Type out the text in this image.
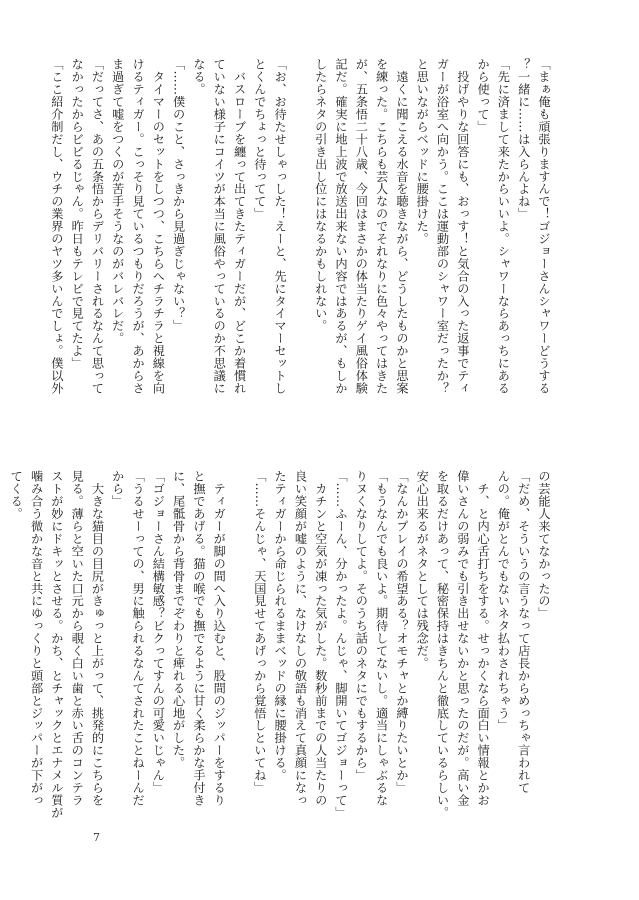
「まぁ俺も頑張りますんで！ゴジョーさんシャワーどうする
？一緒に……は入らんよね」
「先に済まして来たからいいよ。シャワーならあっちにある
から使って」
　投げやりな回答にも、おっす！と気合の入った返事でティ
ガーが浴室へ向かう。ここは運動部のシャワー室だったか？
と思いながらベッドに腰掛けた。
　遠くに聞こえる水音を聴きながら、どうしたものかと思案
を練った。こちらも芸人なのでそれなりに色々やってはきた
が、五条悟二十八歳、今回はまさかの体当たりゲイ風俗体験
記だ。確実に地上波で放送出来ない内容ではあるが、もしか
したらネタの引き出し位にはなるかもしれない。

「お、お待たせしゃっした！えーと、先にタイマーセットし
とくんでちょっと待ってて」
　バスローブを纏って出てきたティガーだが、どこか着慣れ
ていない様子にコイツが本当に風俗やっているのか不思議に
なる。
「……僕のこと、さっきから見過ぎじゃない？」
　タイマーのセットをしつつ、こちらへチラチラと視線を向
けるティガー。こっそり見ているつもりだろうが、あからさ
ま過ぎて嘘をつくのが苦手そうなのがバレバレだ。
「だってさ、あの五条悟からデリバリーされるなんて思って
なかったからビビるじゃん。昨日もテレビで見てたよ」
「ここ紹介制だし、ウチの業界のヤツ多いんでしょ。僕以外
の芸能人来てなかったの」
「だめ、そういうの言うなって店長からめっちゃ言われて
んの。俺がとんでもないネタ払わされちゃう」
　チ、と内心舌打ちをする。せっかくなら面白い情報とかお
偉いさんの弱みでも引き出せないかと思ったのだが。高い金
を取るだけあって、秘密保持はきちんと徹底しているらしい。
安心出来るがネタとしては残念だ。
「なんかプレイの希望ある？オモチャとか縛りたいとか」
「もうなんでも良いよ。期待してないし。適当にしゃぶるな
りヌくなりしてよ。そのうち話のネタにでもするから」
「……ふーん、分かったよ。んじゃ、脚開いてゴジョーって」
　カチンと空気が凍った気がした。数秒前までの人当たりの
良い笑顔が嘘のように、なけなしの敬語も消えて真顔になっ
たティガーから命じられるままベッドの縁に腰掛ける。
「……そんじゃ、天国見せてあげっから覚悟しといてね」

　ティガーが脚の間へ入り込むと、股間のジッパーをするり
と撫であげる。猫の喉でも撫でるように甘く柔らかな手付き
に、尾骶骨から背骨までぞわりと痺れる心地がした。
「ゴジョーさん結構敏感？ビクってすんの可愛いじゃん」
「うるせーっての、男に触られるなんてされたことねーんだ
から」
　大きな猫目の目尻がきゅっと上がって、挑発的にこちらを
見る。薄らと空いた口元から覗く白い歯と赤い舌のコンテラ
ストが妙にドキッとさせる。かち、とチャックとエナメル質が
噛み合う微かな音と共にゆっくりと頭部とジッパーが下がっ
てくる。
7
